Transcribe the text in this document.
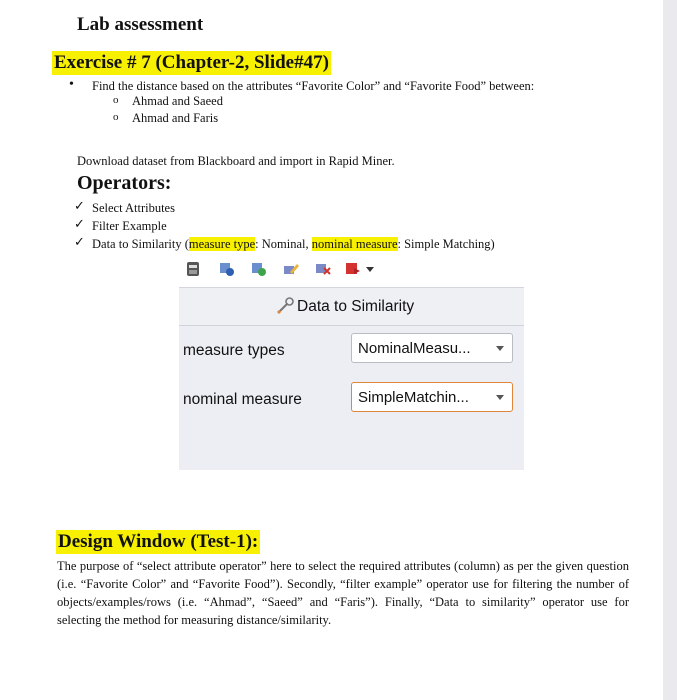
Lab assessment
Exercise # 7 (Chapter-2, Slide#47)
• Find the distance based on the attributes “Favorite Color” and “Favorite Food” between:
o Ahmad and Saeed
o Ahmad and Faris
Download dataset from Blackboard and import in Rapid Miner.
Operators:
✓ Select Attributes
✓ Filter Example
✓ Data to Similarity (measure type: Nominal, nominal measure: Simple Matching)
Data to Similarity
measure types	NominalMeasu...
nominal measure	SimpleMatchin...
Design Window (Test-1):
The purpose of “select attribute operator” here to select the required attributes (column) as per the given question (i.e. “Favorite Color” and “Favorite Food”). Secondly, “filter example” operator use for filtering the number of objects/examples/rows (i.e. “Ahmad”, “Saeed” and “Faris”). Finally, “Data to similarity” operator use for selecting the method for measuring distance/similarity.
